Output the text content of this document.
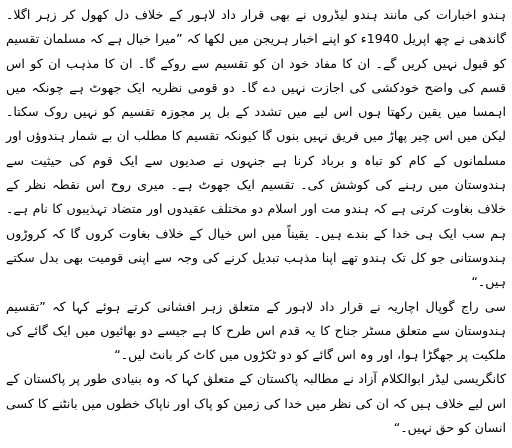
ہندو اخبارات کی مانند ہندو لیڈروں نے بھی قرار داد لاہور کے خلاف دل کھول کر زہر اگلا۔ گاندھی نے چھ اپریل 1940ء کو اپنے اخبار ہریجن میں لکھا کہ ”میرا خیال ہے کہ مسلمان تقسیم کو قبول نہیں کریں گے۔ ان کا مفاد خود ان کو تقسیم سے روکے گا۔ ان کا مذہب ان کو اس قسم کی واضح خودکشی کی اجازت نہیں دے گا۔ دو قومی نظریہ ایک جھوٹ ہے چونکہ میں اہمسا میں یقین رکھتا ہوں اس لیے میں تشدد کے بل پر مجوزہ تقسیم کو نہیں روک سکتا۔ لیکن میں اس چیر پھاڑ میں فریق نہیں بنوں گا کیونکہ تقسیم کا مطلب ان بے شمار ہندوؤں اور مسلمانوں کے کام کو تباہ و برباد کرنا ہے جنہوں نے صدیوں سے ایک قوم کی حیثیت سے ہندوستان میں رہنے کی کوشش کی۔ تقسیم ایک جھوٹ ہے۔ میری روح اس نقطہ نظر کے خلاف بغاوت کرتی ہے کہ ہندو مت اور اسلام دو مختلف عقیدوں اور متضاد تہذیبوں کا نام ہے۔ ہم سب ایک ہی خدا کے بندے ہیں۔ یقیناً میں اس خیال کے خلاف بغاوت کروں گا کہ کروڑوں ہندوستانی جو کل تک ہندو تھے اپنا مذہب تبدیل کرنے کی وجہ سے اپنی قومیت بھی بدل سکتے ہیں۔“

سی راج گوپال اچاریہ نے قرار داد لاہور کے متعلق زہر افشانی کرتے ہوئے کہا کہ ”تقسیم ہندوستان سے متعلق مسٹر جناح کا یہ قدم اس طرح کا ہے جیسے دو بھائیوں میں ایک گائے کی ملکیت پر جھگڑا ہوا، اور وہ اس گائے کو دو ٹکڑوں میں کاٹ کر بانٹ لیں۔“

کانگریسی لیڈر ابوالکلام آزاد نے مطالبہ پاکستان کے متعلق کہا کہ وہ بنیادی طور پر پاکستان کے اس لیے خلاف ہیں کہ ان کی نظر میں خدا کی زمین کو پاک اور ناپاک خطوں میں بانٹنے کا کسی انسان کو حق نہیں۔“
